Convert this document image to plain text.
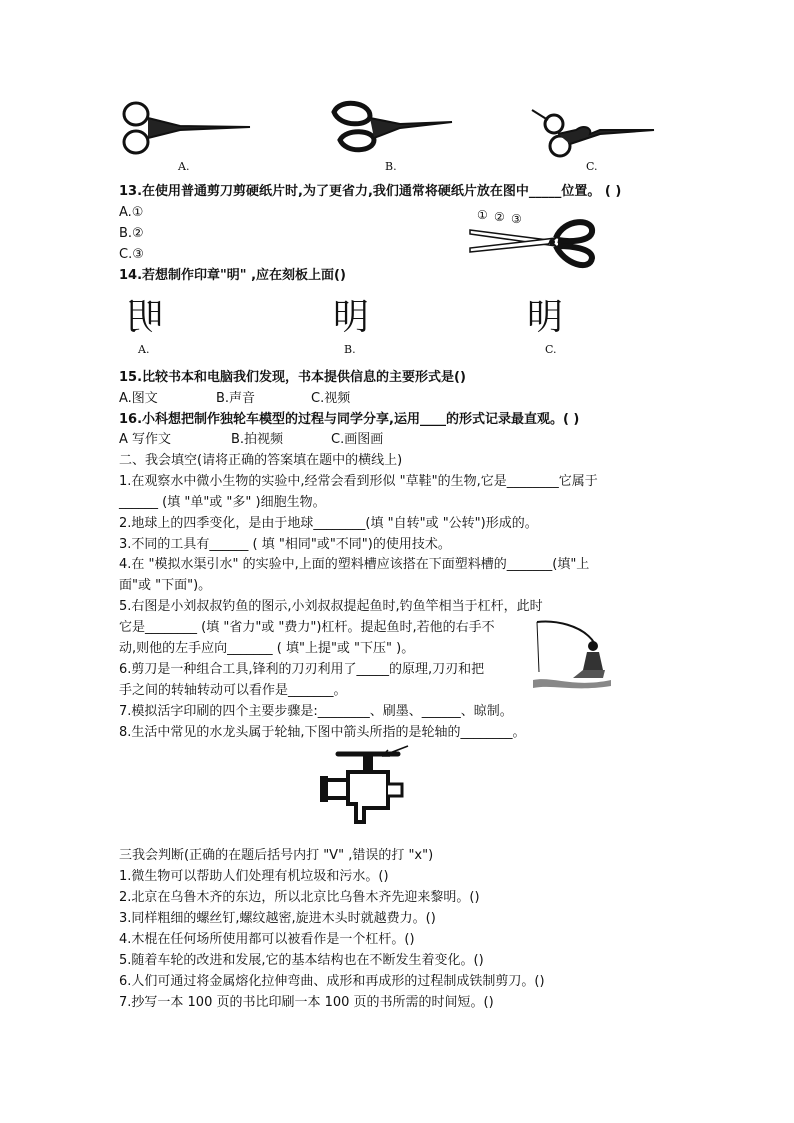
A.	B.	C.
13.在使用普通剪刀剪硬纸片时,为了更省力,我们通常将硬纸片放在图中_____位置。 ( )
A.①
B.②
C.③
① ② ③
14.若想制作印章"明" ,应在刻板上面()
明
A.
明
B.
明
C.
15.比较书本和电脑我们发现，书本提供信息的主要形式是()
A.图文	B.声音	C.视频
16.小科想把制作独轮车模型的过程与同学分享,运用____的形式记录最直观。( )
A 写作文	B.拍视频	C.画图画
二、我会填空(请将正确的答案填在题中的横线上)
1.在观察水中微小生物的实验中,经常会看到形似 "草鞋"的生物,它是________它属于
______ (填 "单"或 "多" )细胞生物。
2.地球上的四季变化，是由于地球________(填 "自转"或 "公转")形成的。
3.不同的工具有______ ( 填 "相同"或"不同")的使用技术。
4.在 "模拟水渠引水" 的实验中,上面的塑料槽应该搭在下面塑料槽的_______(填"上
面"或 "下面")。
5.右图是小刘叔叔钓鱼的图示,小刘叔叔提起鱼时,钓鱼竿相当于杠杆，此时
它是________ (填 "省力"或 "费力")杠杆。提起鱼时,若他的右手不
动,则他的左手应向_______ ( 填"上提"或 "下压" )。
6.剪刀是一种组合工具,锋利的刀刃利用了_____的原理,刀刃和把
手之间的转轴转动可以看作是_______。
7.模拟活字印刷的四个主要步骤是:________、刷墨、______、晾制。
8.生活中常见的水龙头属于轮轴,下图中箭头所指的是轮轴的________。
三我会判断(正确的在题后括号内打 "V" ,错误的打 "x")
1.微生物可以帮助人们处理有机垃圾和污水。()
2.北京在乌鲁木齐的东边，所以北京比乌鲁木齐先迎来黎明。()
3.同样粗细的螺丝钉,螺纹越密,旋进木头时就越费力。()
4.木棍在任何场所使用都可以被看作是一个杠杆。()
5.随着车轮的改进和发展,它的基本结构也在不断发生着变化。()
6.人们可通过将金属熔化拉伸弯曲、成形和再成形的过程制成铁制剪刀。()
7.抄写一本 100 页的书比印刷一本 100 页的书所需的时间短。()
